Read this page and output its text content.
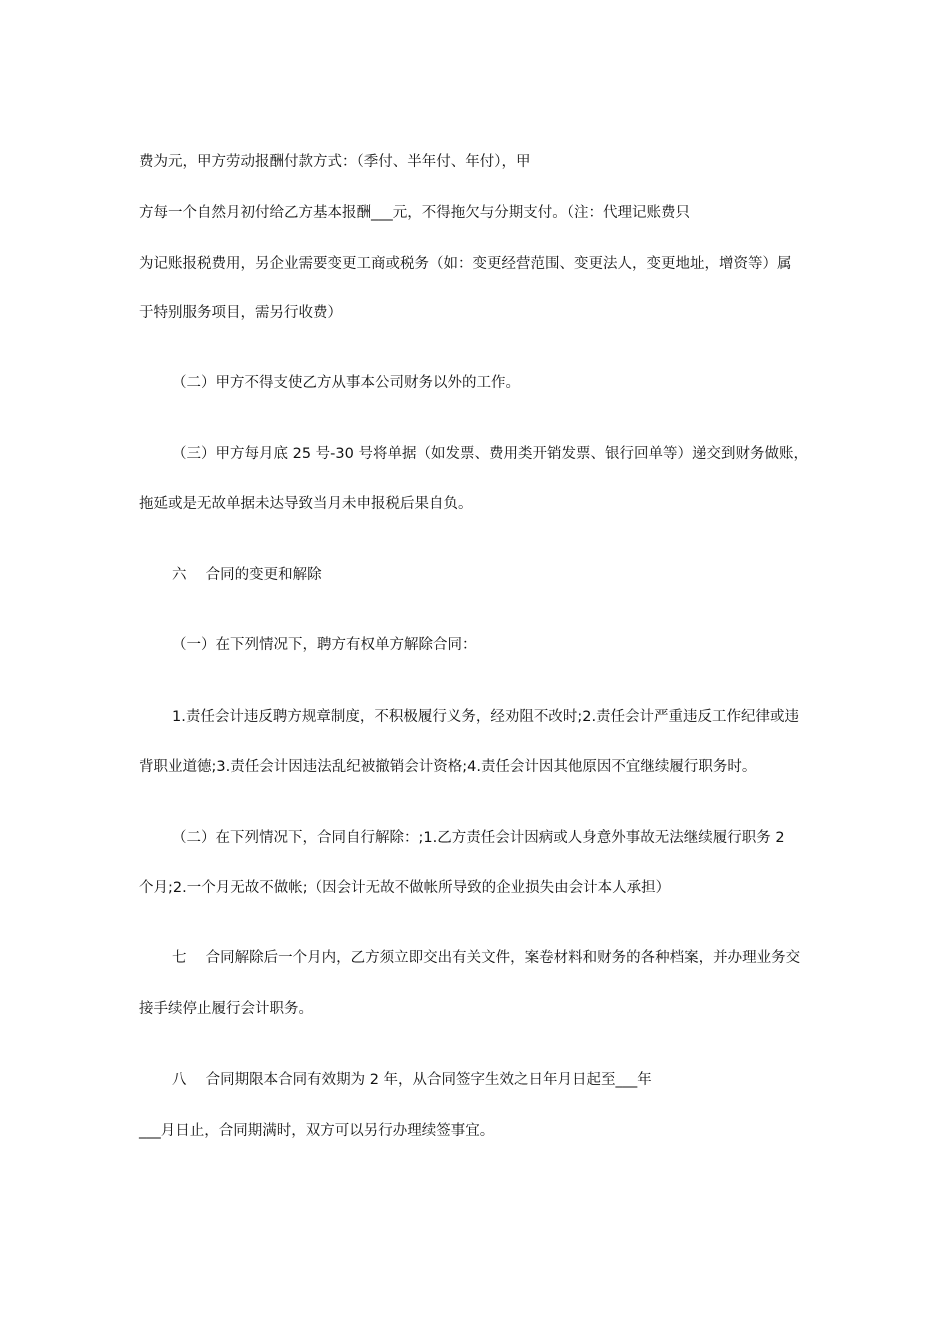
费为元，甲方劳动报酬付款方式：（季付、半年付、年付），甲
方每一个自然月初付给乙方基本报酬___元，不得拖欠与分期支付。（注：代理记账费只
为记账报税费用，另企业需要变更工商或税务（如：变更经营范围、变更法人，变更地址，增资等）属
于特别服务项目，需另行收费）
（二）甲方不得支使乙方从事本公司财务以外的工作。
（三）甲方每月底 25 号-30 号将单据（如发票、费用类开销发票、银行回单等）递交到财务做账，
拖延或是无故单据未达导致当月未申报税后果自负。
六　 合同的变更和解除
（一）在下列情况下，聘方有权单方解除合同：
1.责任会计违反聘方规章制度，不积极履行义务，经劝阻不改时;2.责任会计严重违反工作纪律或违
背职业道德;3.责任会计因违法乱纪被撤销会计资格;4.责任会计因其他原因不宜继续履行职务时。
（二）在下列情况下，合同自行解除：;1.乙方责任会计因病或人身意外事故无法继续履行职务 2
个月;2.一个月无故不做帐;（因会计无故不做帐所导致的企业损失由会计本人承担）
七　 合同解除后一个月内，乙方须立即交出有关文件，案卷材料和财务的各种档案，并办理业务交
接手续停止履行会计职务。
八　 合同期限本合同有效期为 2 年，从合同签字生效之日年月日起至___年
___月日止，合同期满时，双方可以另行办理续签事宜。
